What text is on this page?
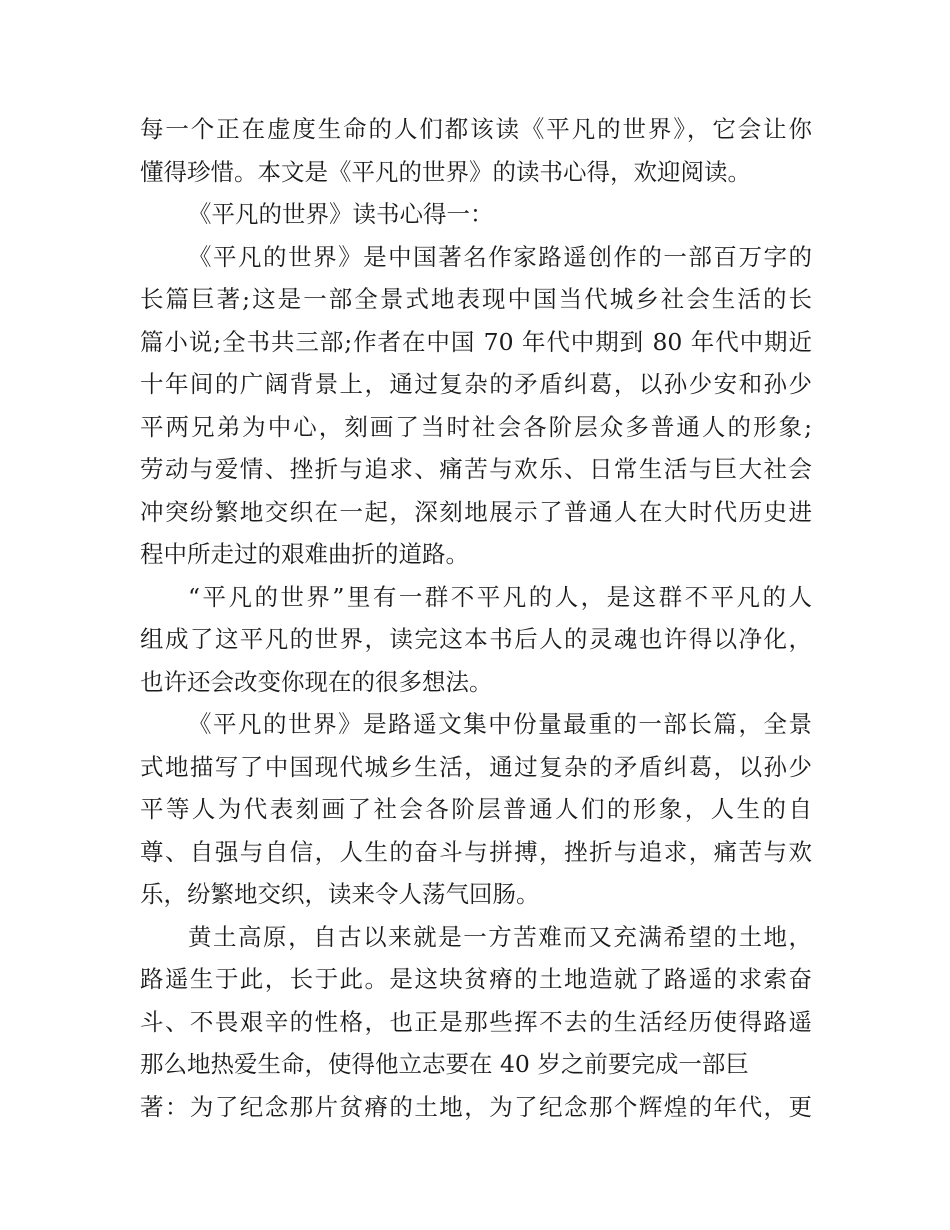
每一个正在虚度生命的人们都该读《平凡的世界》，它会让你
懂得珍惜。本文是《平凡的世界》的读书心得，欢迎阅读。
《平凡的世界》读书心得一：
《平凡的世界》是中国著名作家路遥创作的一部百万字的
长篇巨著;这是一部全景式地表现中国当代城乡社会生活的长
篇小说;全书共三部;作者在中国 70 年代中期到 80 年代中期近
十年间的广阔背景上，通过复杂的矛盾纠葛，以孙少安和孙少
平两兄弟为中心，刻画了当时社会各阶层众多普通人的形象;
劳动与爱情、挫折与追求、痛苦与欢乐、日常生活与巨大社会
冲突纷繁地交织在一起，深刻地展示了普通人在大时代历史进
程中所走过的艰难曲折的道路。
“平凡的世界”里有一群不平凡的人，是这群不平凡的人
组成了这平凡的世界，读完这本书后人的灵魂也许得以净化，
也许还会改变你现在的很多想法。
《平凡的世界》是路遥文集中份量最重的一部长篇，全景
式地描写了中国现代城乡生活，通过复杂的矛盾纠葛，以孙少
平等人为代表刻画了社会各阶层普通人们的形象，人生的自
尊、自强与自信，人生的奋斗与拼搏，挫折与追求，痛苦与欢
乐，纷繁地交织，读来令人荡气回肠。
黄土高原，自古以来就是一方苦难而又充满希望的土地，
路遥生于此，长于此。是这块贫瘠的土地造就了路遥的求索奋
斗、不畏艰辛的性格，也正是那些挥不去的生活经历使得路遥
那么地热爱生命，使得他立志要在 40 岁之前要完成一部巨
著：为了纪念那片贫瘠的土地，为了纪念那个辉煌的年代，更
